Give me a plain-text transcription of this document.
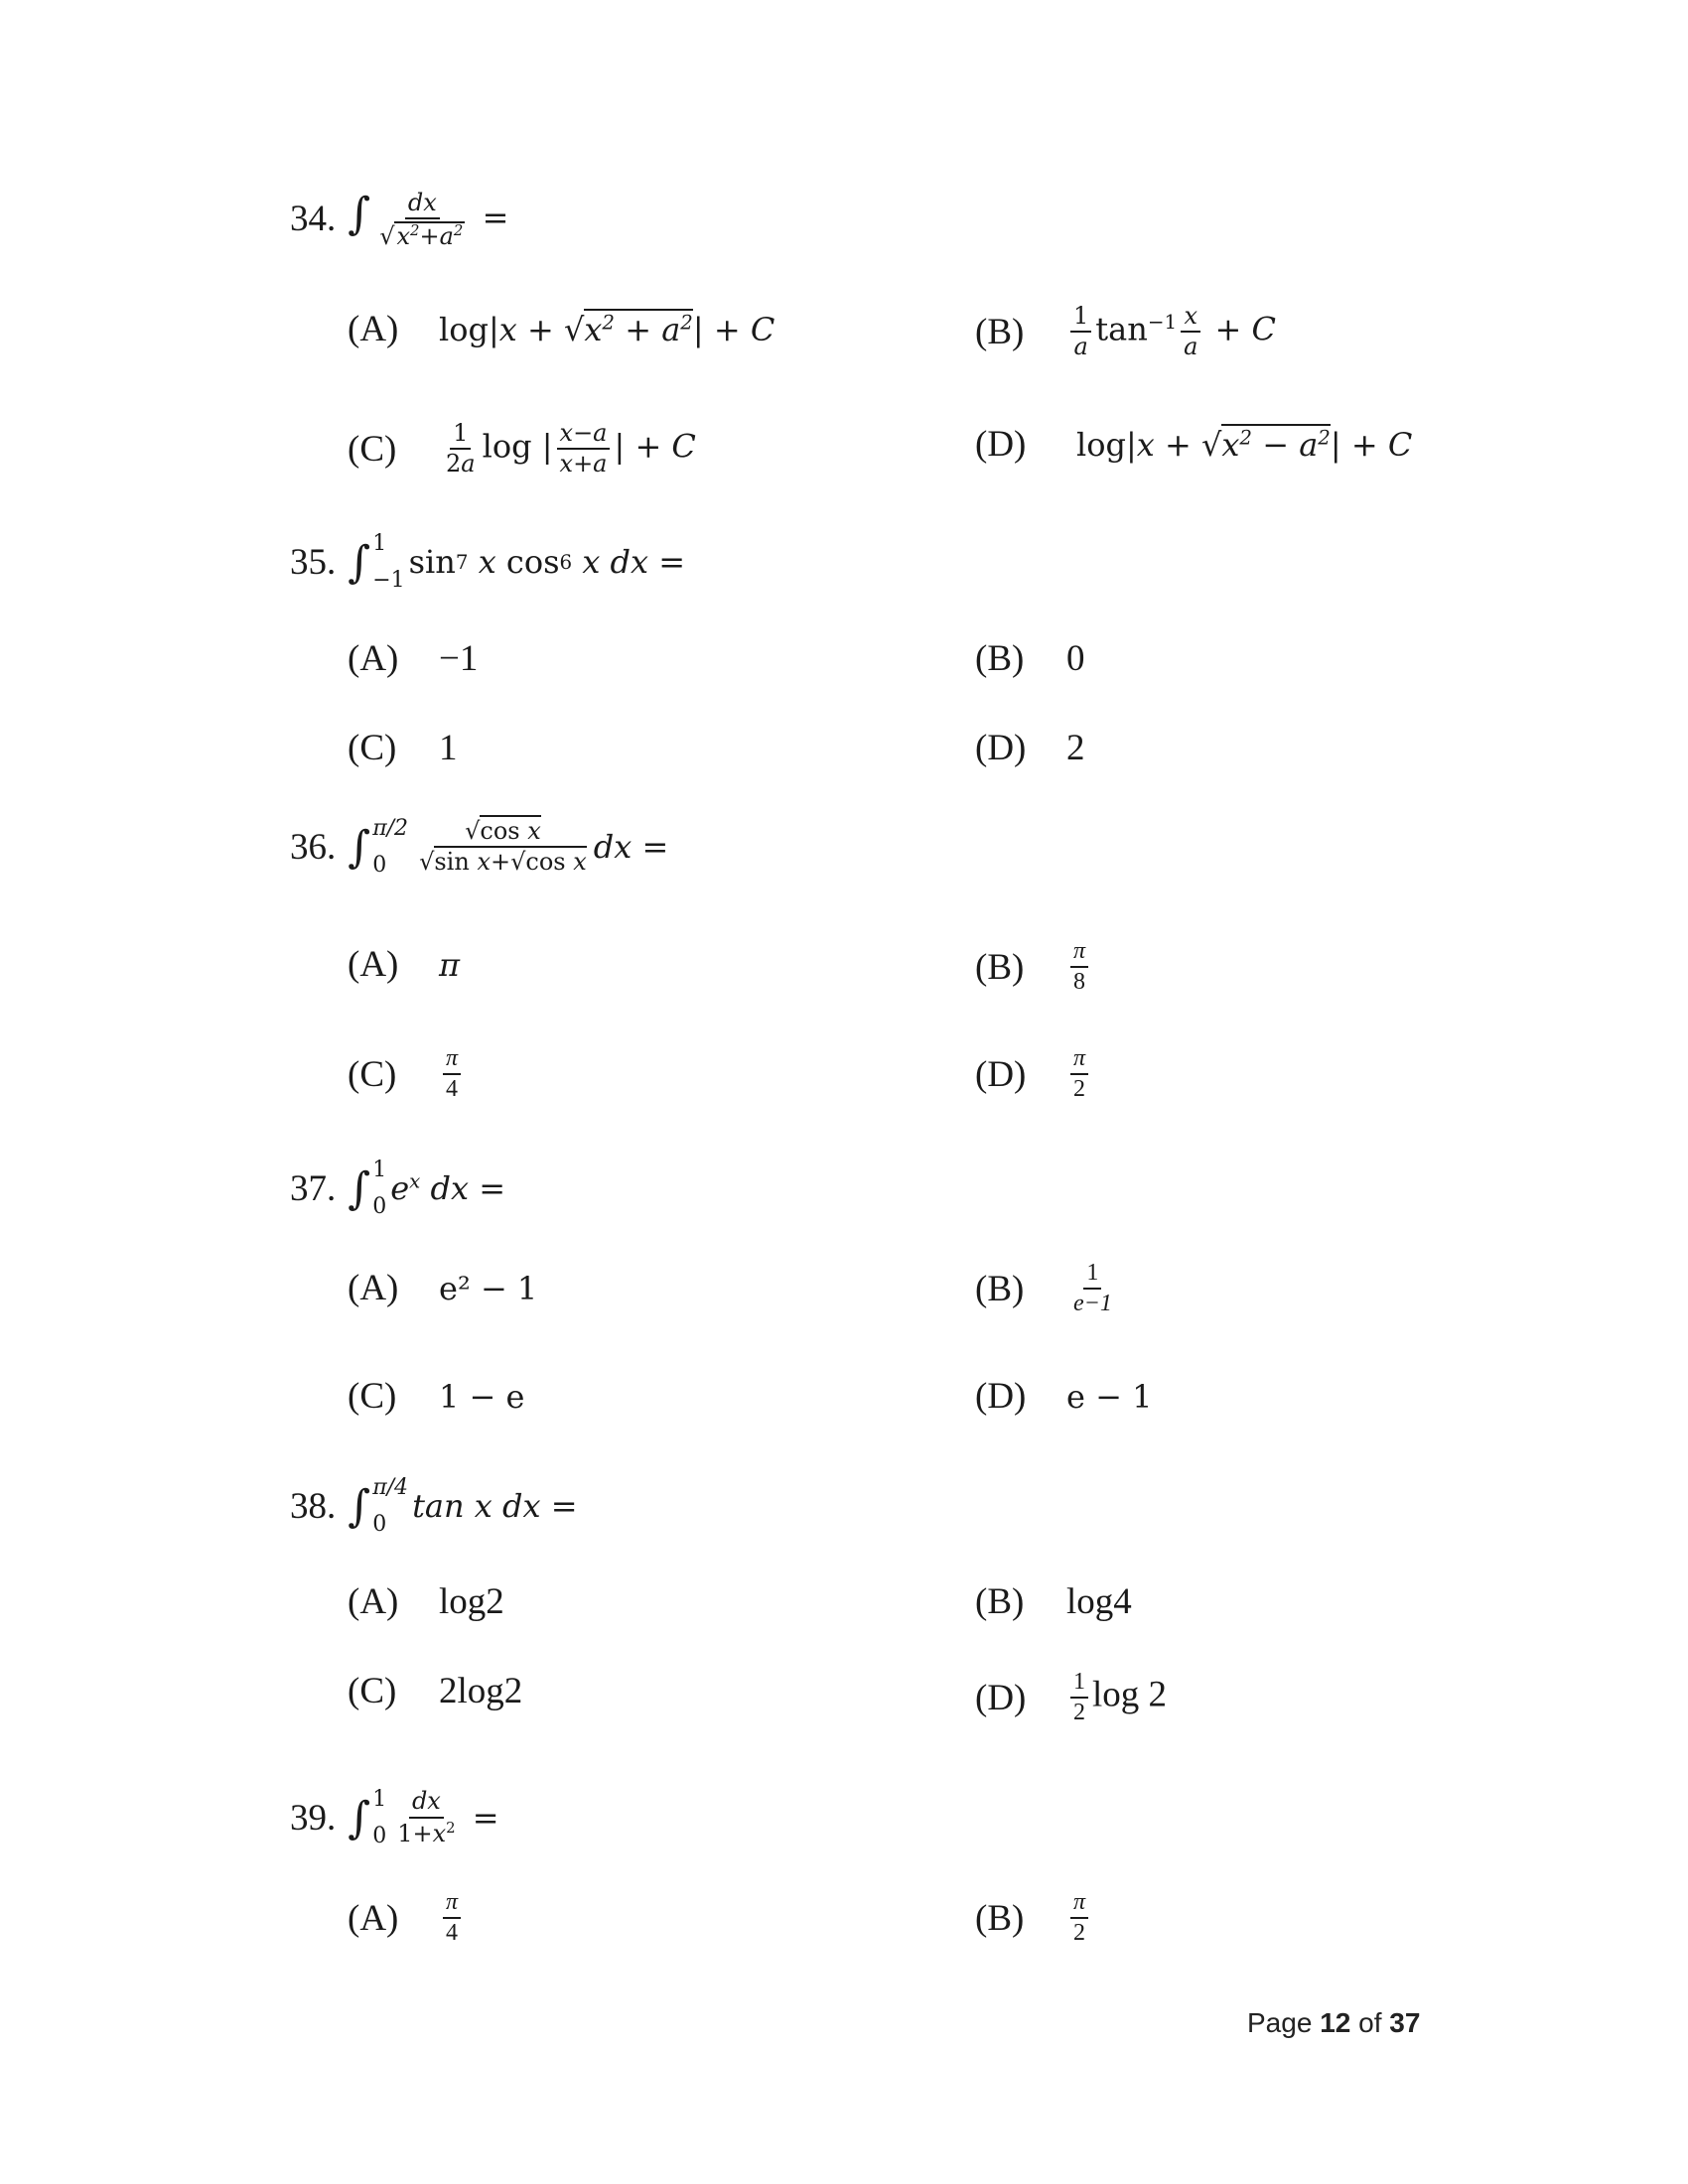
34. ∫ $\frac{dx}{√ x^2+a^2}$ =
(A)	$\log|x + √x^2 + a^2| + C$	(B)	$\frac{1}{a} \tan^{-1} \frac{x}{a} + C$
(C)	$\frac{1}{2a}$ log | $\frac{x-a}{x+a}$ | + C	(D)	$\log|x + √x^2 - a^2| + C$
35. ∫ 1
−1 sin 7
x cos 6
x dx =
(A)	−1	(B)	0
(C)	1	(D)	2
36. ∫ π/2
0	$\frac{\text{√cos x}}{\text{√sin x+√cos x}}$ dx =
(A)	π	(B)	$\frac{\pi}{8}$
(C)	$\frac{\pi}{4}$	(D)	$\frac{\pi}{2}$
37. ∫ 1
0 $e^x$ dx =
(A)	e² − 1	(B)	$\frac{1}{e-1}$
(C)	1 − e	(D)	e − 1
38. ∫ π/4
0 tan x dx =
(A)	log2	(B)	log4
(C)	2log2	(D)	$\frac{1}{2}$ log 2
39. ∫ 1
$0 \frac{dx}{1+x^2}$ =
(A)	$\frac{\pi}{4}$	(B)	$\frac{\pi}{2}$
Page 12 of 37
